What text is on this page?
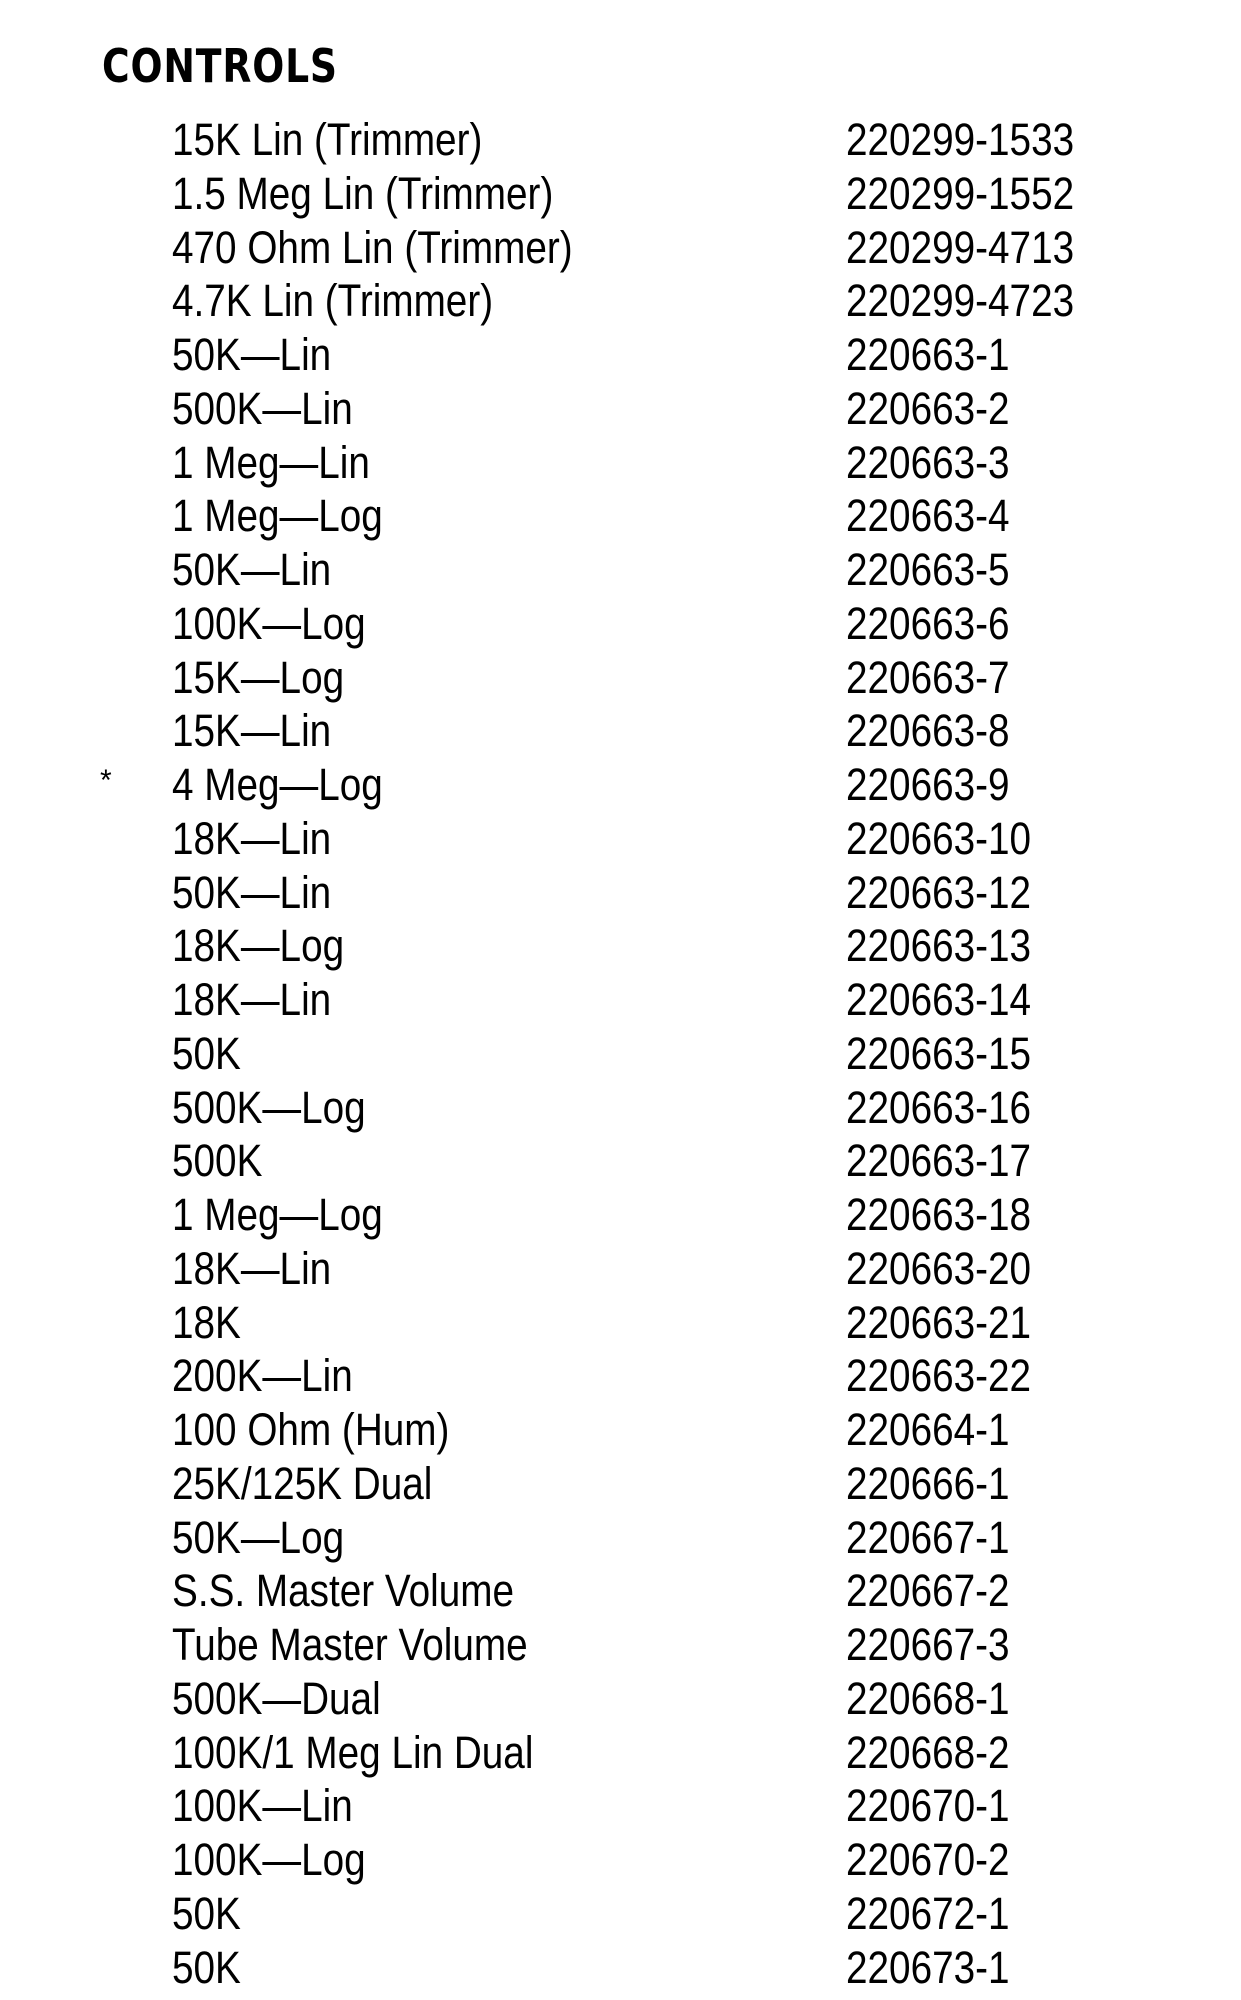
CONTROLS
15K Lin (Trimmer)	220299-1533
1.5 Meg Lin (Trimmer)	220299-1552
470 Ohm Lin (Trimmer)	220299-4713
4.7K Lin (Trimmer)	220299-4723
50K—Lin	220663-1
500K—Lin	220663-2
1 Meg—Lin	220663-3
1 Meg—Log	220663-4
50K—Lin	220663-5
100K—Log	220663-6
15K—Log	220663-7
15K—Lin	220663-8
* 4 Meg—Log	220663-9
18K—Lin	220663-10
50K—Lin	220663-12
18K—Log	220663-13
18K—Lin	220663-14
50K	220663-15
500K—Log	220663-16
500K	220663-17
1 Meg—Log	220663-18
18K—Lin	220663-20
18K	220663-21
200K—Lin	220663-22
100 Ohm (Hum)	220664-1
25K/125K Dual	220666-1
50K—Log	220667-1
S.S. Master Volume	220667-2
Tube Master Volume	220667-3
500K—Dual	220668-1
100K/1 Meg Lin Dual	220668-2
100K—Lin	220670-1
100K—Log	220670-2
50K	220672-1
50K	220673-1
